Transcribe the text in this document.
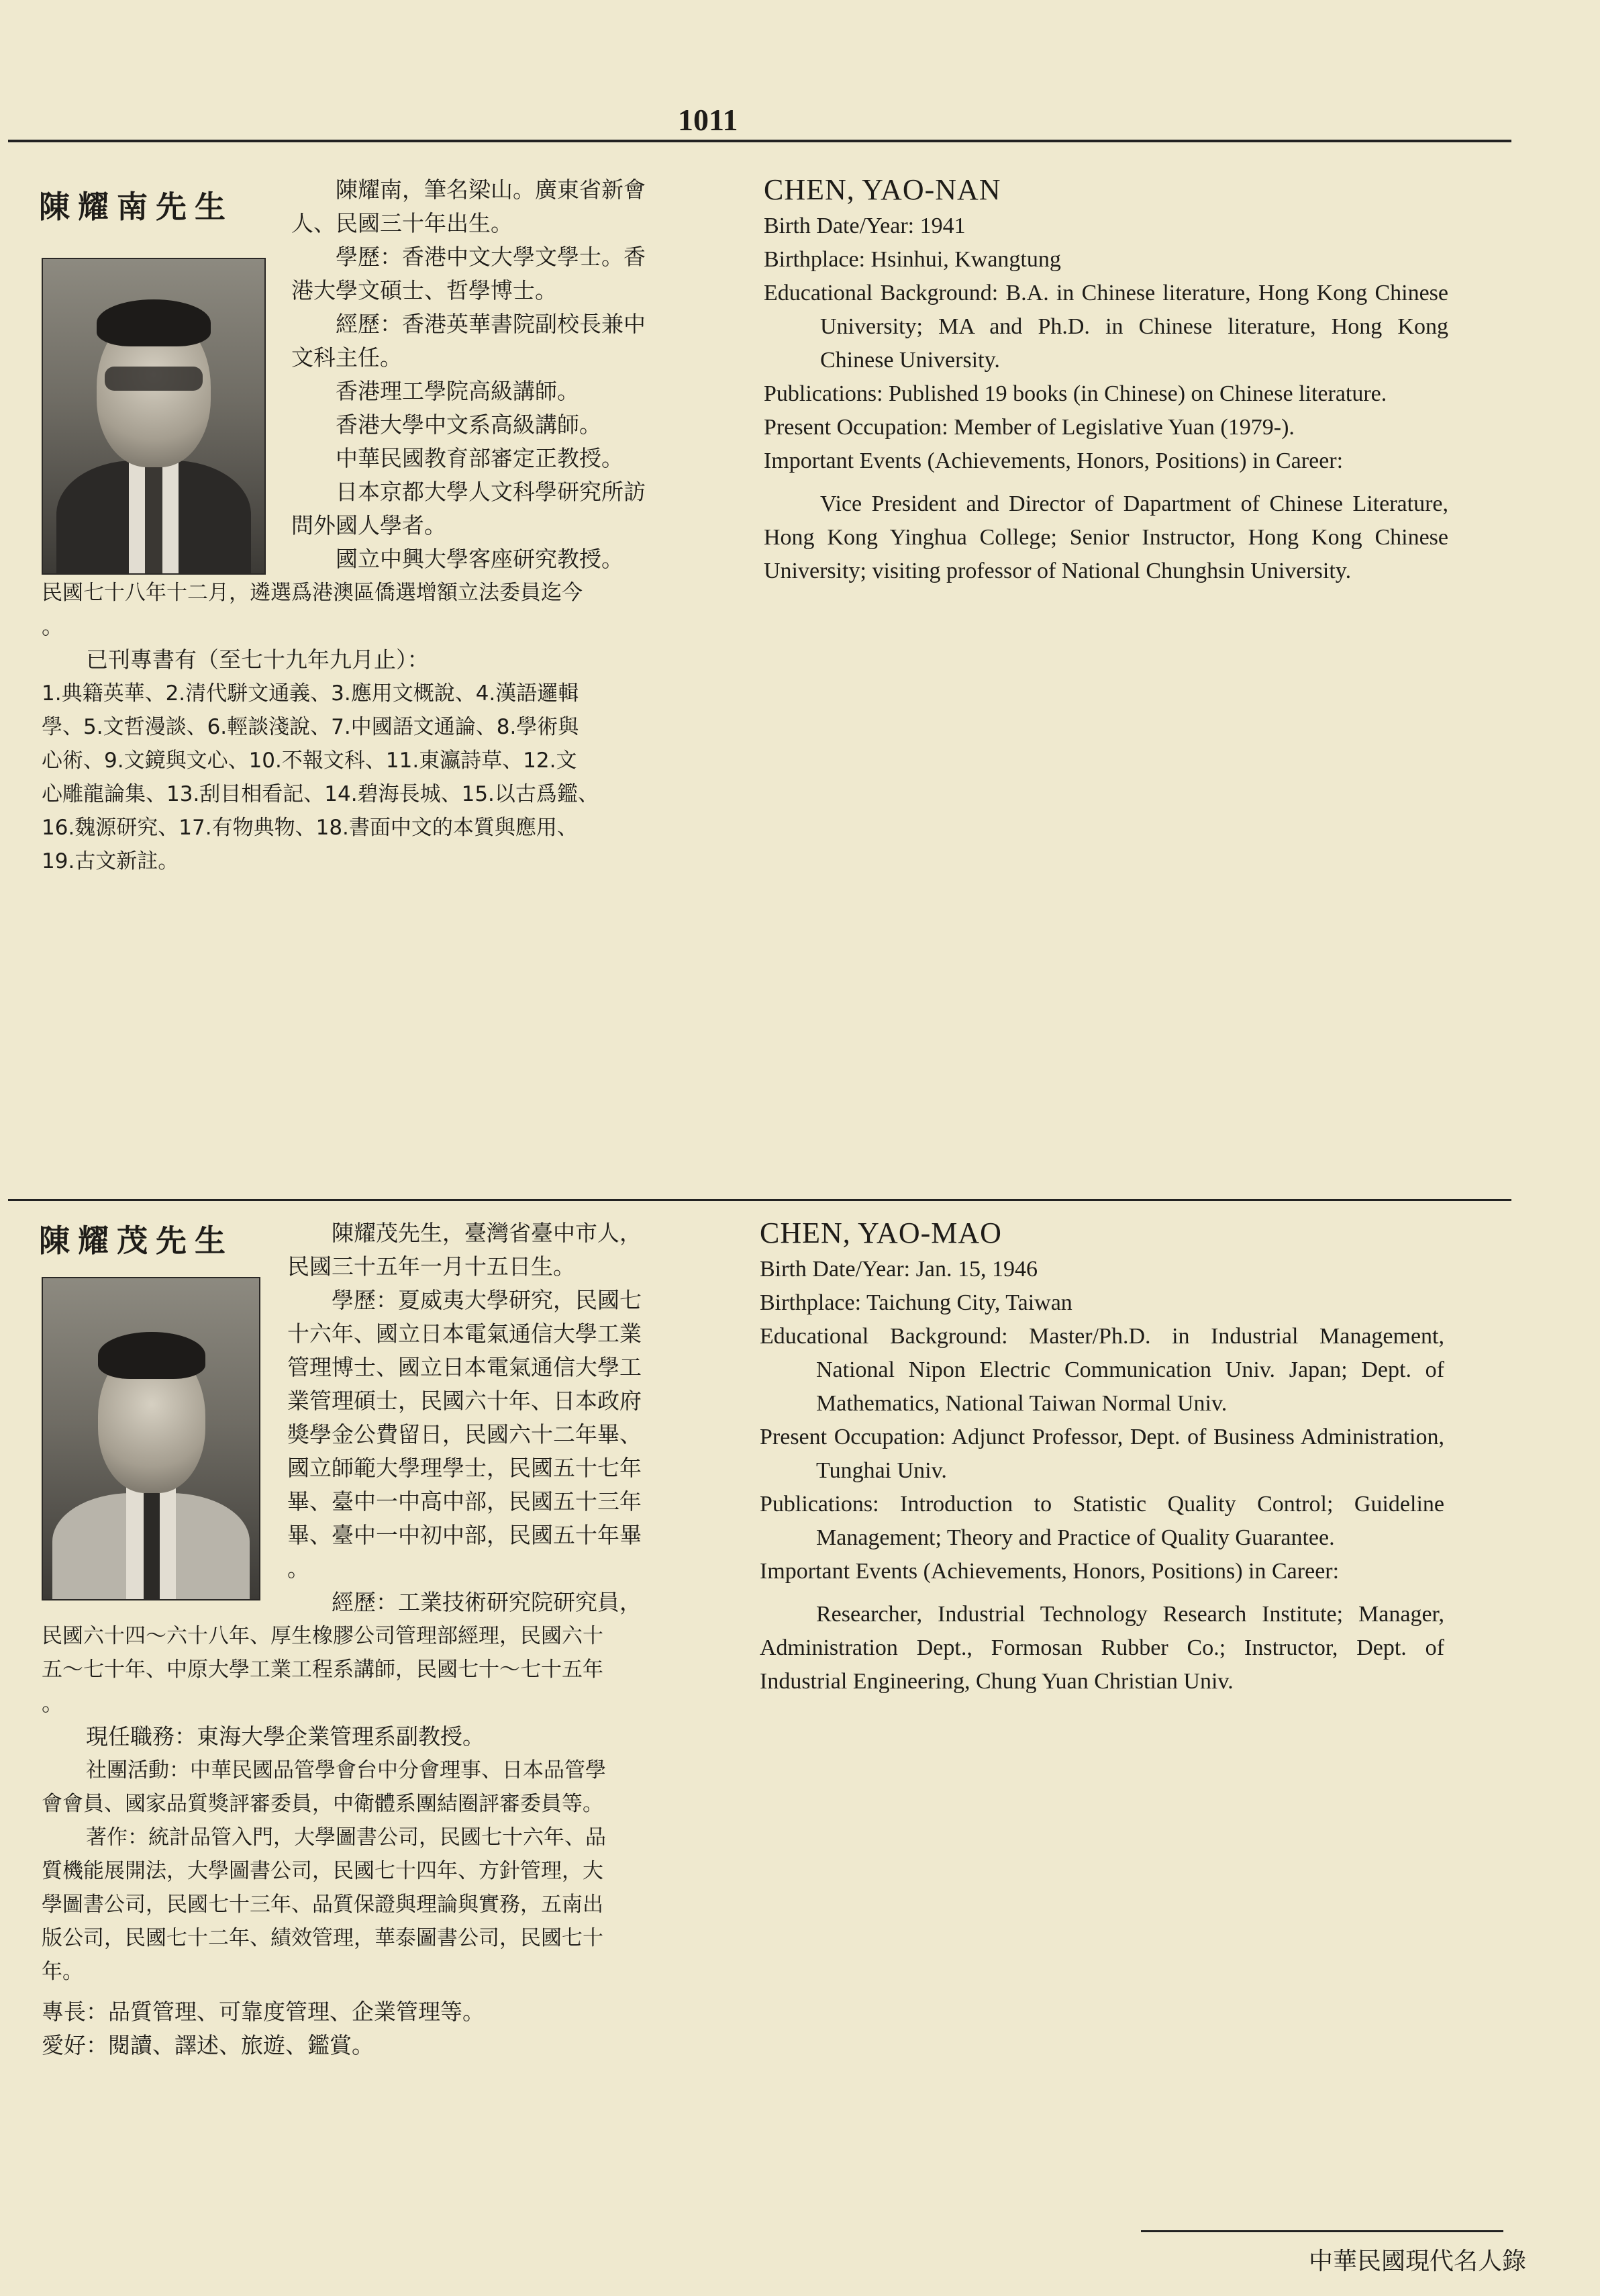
1011
陳耀南先生	陳耀南，筆名梁山。廣東省新會

人、民國三十年出生。

學歷：香港中文大學文學士。香

港大學文碩士、哲學博士。

經歷：香港英華書院副校長兼中

文科主任。

香港理工學院高級講師。

香港大學中文系高級講師。

中華民國教育部審定正教授。

日本京都大學人文科學研究所訪

問外國人學者。

國立中興大學客座研究教授。

民國七十八年十二月，遴選爲港澳區僑選增額立法委員迄今

。

已刊專書有（至七十九年九月止）：

1.典籍英華、2.清代駢文通義、3.應用文概說、4.漢語邏輯

學、5.文哲漫談、6.輕談淺說、7.中國語文通論、8.學術與

心術、9.文鏡與文心、10.不報文科、11.東瀛詩草、12.文

心雕龍論集、13.刮目相看記、14.碧海長城、15.以古爲鑑、

16.魏源研究、17.有物典物、18.書面中文的本質與應用、

19.古文新註。

CHEN, YAO-NAN
Birth Date/Year: 1941
Birthplace: Hsinhui, Kwangtung
Educational Background: B.A. in Chinese literature, Hong Kong Chinese University; MA and Ph.D. in Chinese literature, Hong Kong Chinese University.
Publications: Published 19 books (in Chinese) on Chinese literature.
Present Occupation: Member of Legislative Yuan (1979-).
Important Events (Achievements, Honors, Positions) in Career:
Vice President and Director of Dapartment of Chinese Literature, Hong Kong Yinghua College; Senior Instructor, Hong Kong Chinese University; visiting professor of National Chunghsin University.
陳耀茂先生	陳耀茂先生，臺灣省臺中市人，

民國三十五年一月十五日生。

學歷：夏威夷大學研究，民國七

十六年、國立日本電氣通信大學工業

管理博士、國立日本電氣通信大學工

業管理碩士，民國六十年、日本政府

獎學金公費留日，民國六十二年畢、

國立師範大學理學士，民國五十七年

畢、臺中一中高中部，民國五十三年

畢、臺中一中初中部，民國五十年畢

。

經歷：工業技術研究院研究員，

民國六十四～六十八年、厚生橡膠公司管理部經理，民國六十

五～七十年、中原大學工業工程系講師，民國七十～七十五年

。

現任職務：東海大學企業管理系副教授。

社團活動：中華民國品管學會台中分會理事、日本品管學

會會員、國家品質獎評審委員，中衛體系團結圈評審委員等。

著作：統計品管入門，大學圖書公司，民國七十六年、品

質機能展開法，大學圖書公司，民國七十四年、方針管理，大

學圖書公司，民國七十三年、品質保證與理論與實務，五南出

版公司，民國七十二年、績效管理，華泰圖書公司，民國七十

年。

專長：品質管理、可靠度管理、企業管理等。

愛好：閱讀、譯述、旅遊、鑑賞。

CHEN, YAO-MAO
Birth Date/Year: Jan. 15, 1946
Birthplace: Taichung City, Taiwan
Educational Background: Master/Ph.D. in Industrial Management, National Nipon Electric Communication Univ. Japan; Dept. of Mathematics, National Taiwan Normal Univ.
Present Occupation: Adjunct Professor, Dept. of Business Administration, Tunghai Univ.
Publications: Introduction to Statistic Quality Control; Guideline Management; Theory and Practice of Quality Guarantee.
Important Events (Achievements, Honors, Positions) in Career:
Researcher, Industrial Technology Research Institute; Manager, Administration Dept., Formosan Rubber Co.; Instructor, Dept. of Industrial Engineering, Chung Yuan Christian Univ.
中華民國現代名人錄
